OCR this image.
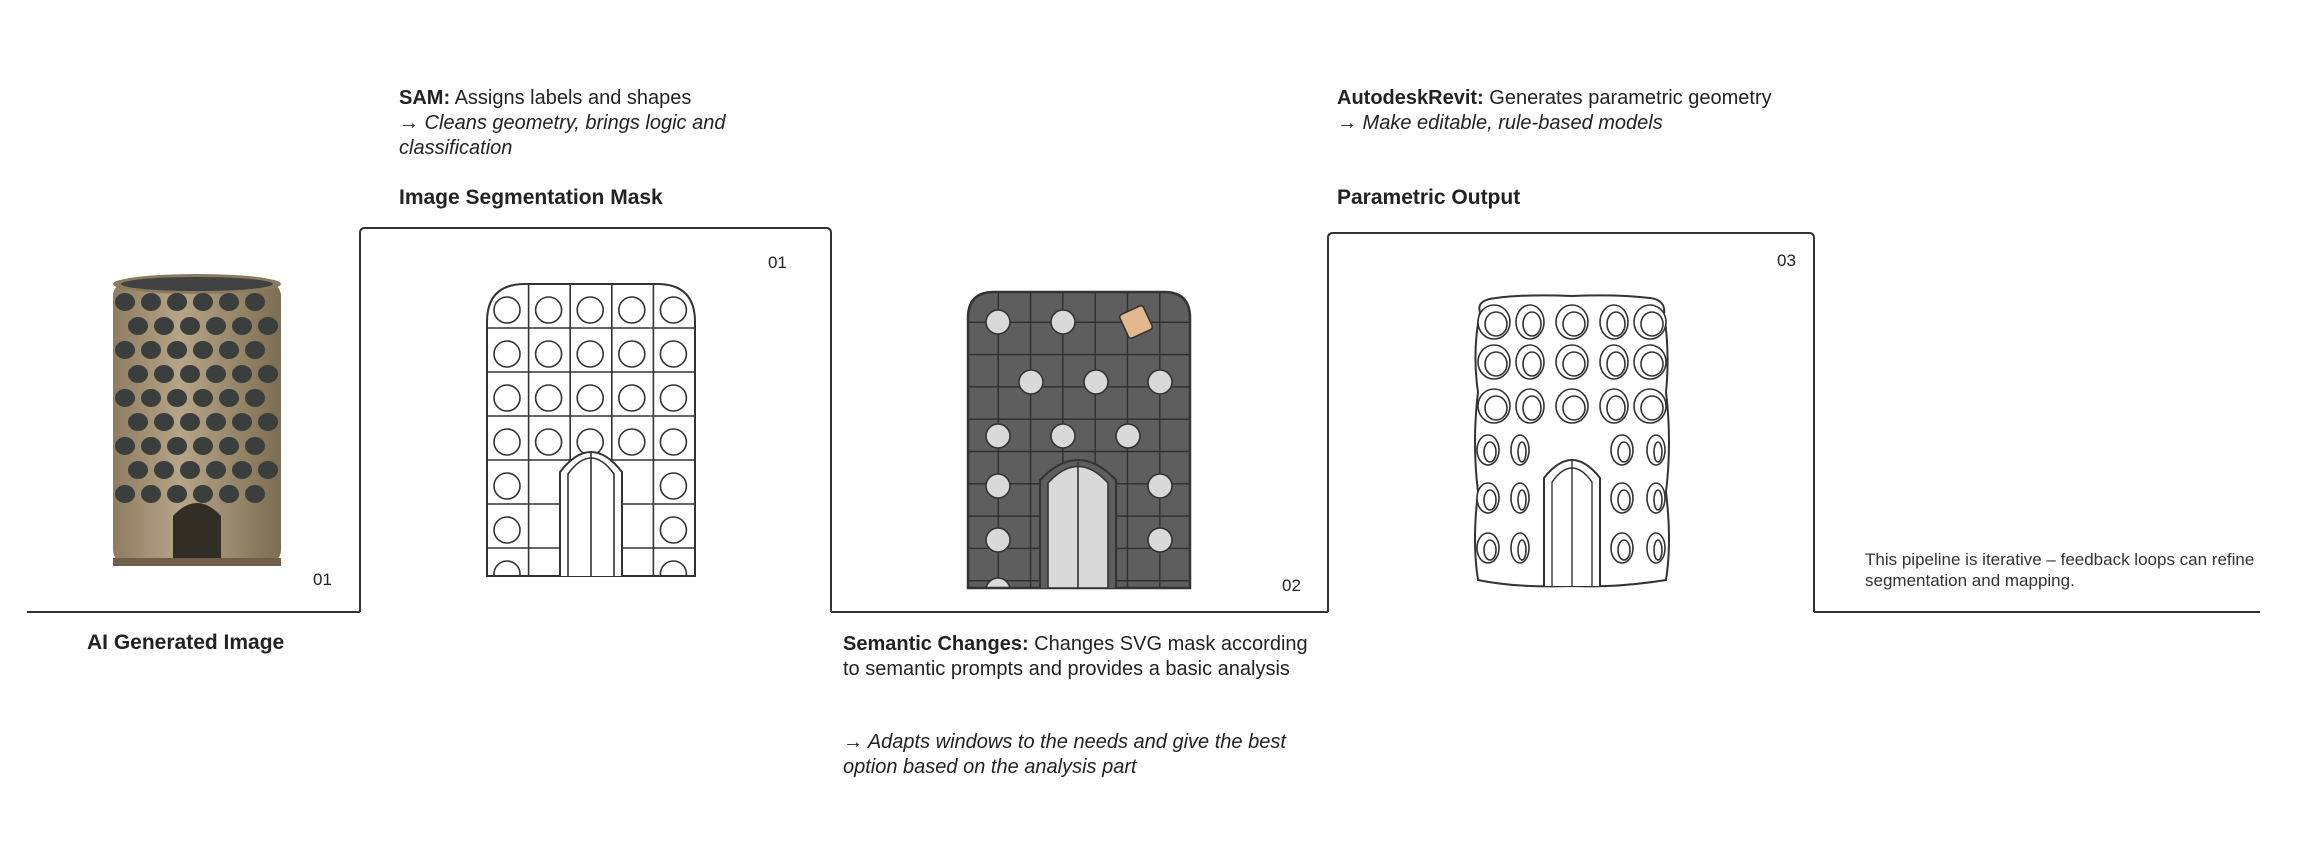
01
AI Generated Image
SAM: Assigns labels and shapes
→ Cleans geometry, brings logic and classification
Image Segmentation Mask
01
02
Semantic Changes: Changes SVG mask according to semantic prompts and provides a basic analysis
→ Adapts windows to the needs and give the best option based on the analysis part
AutodeskRevit: Generates parametric geometry
→ Make editable, rule-based models
Parametric Output
03
This pipeline is iterative – feedback loops can refine segmentation and mapping.
